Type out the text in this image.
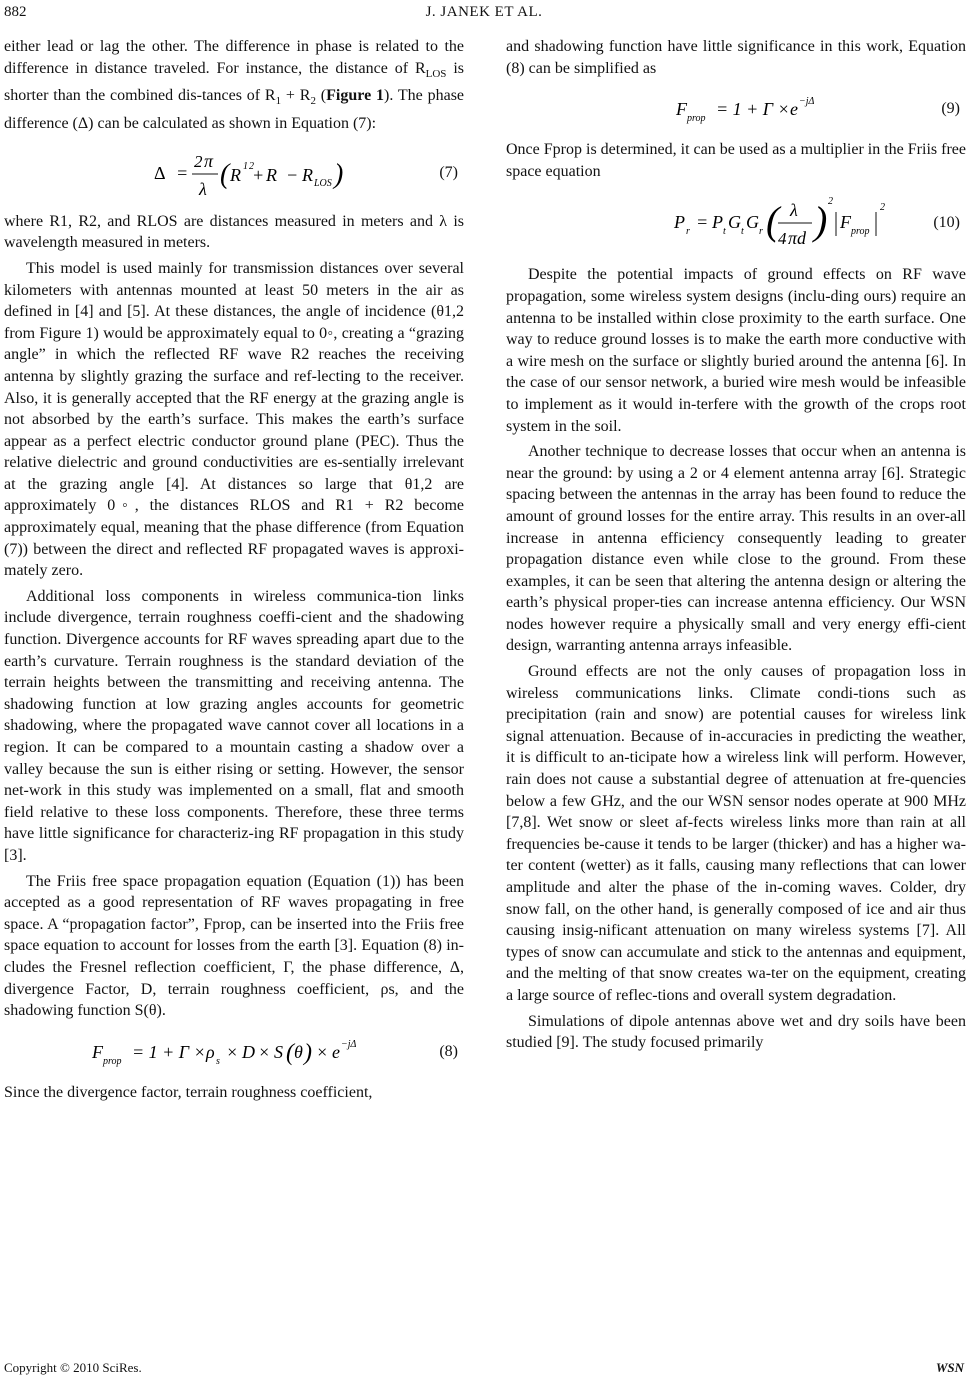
882	J. JANEK ET AL.

either lead or lag the other. The difference in phase is related to the difference in distance traveled. For instance, the distance of $R_{LOS}$ is shorter than the combined dis-tances of $R_1 + R_2$ (Figure 1). The phase difference (Δ) can be calculated as shown in Equation (7):

Δ =
2 π
λ ( R 1 + R
2 − R LOS )	(7)

where R1, R2, and RLOS are distances measured in meters and λ is wavelength measured in meters.

This model is used mainly for transmission distances over several kilometers with antennas mounted at least 50 meters in the air as defined in [4] and [5]. At these distances, the angle of incidence (θ1,2 from Figure 1) would be approximately equal to 0◦, creating a “grazing angle” in which the reflected RF wave R2 reaches the receiving antenna by slightly grazing the surface and ref-lecting to the receiver. Also, it is generally accepted that the RF energy at the grazing angle is not absorbed by the earth’s surface. This makes the earth’s surface appear as a perfect electric conductor ground plane (PEC). Thus the relative dielectric and ground conductivities are es-sentially irrelevant at the grazing angle [4]. At distances so large that θ1,2 are approximately 0◦, the distances RLOS and R1 + R2 become approximately equal, meaning that the phase difference (from Equation (7)) between the direct and reflected RF propagated waves is approxi-mately zero.

Additional loss components in wireless communica-tion links include divergence, terrain roughness coeffi-cient and the shadowing function. Divergence accounts for RF waves spreading apart due to the earth’s curvature. Terrain roughness is the standard deviation of the terrain heights between the transmitting and receiving antenna. The shadowing function at low grazing angles accounts for geometric shadowing, where the propagated wave cannot cover all locations in a region. It can be compared to a mountain casting a shadow over a valley because the sun is either rising or setting. However, the sensor net-work in this study was implemented on a small, flat and smooth field relative to these loss components. Therefore, these three terms have little significance for characteriz-ing RF propagation in this study [3].

The Friis free space propagation equation (Equation (1)) has been accepted as a good representation of RF waves propagating in free space. A “propagation factor”, Fprop, can be inserted into the Friis free space equation to account for losses from the earth [3]. Equation (8) in-cludes the Fresnel reflection coefficient, Γ, the phase difference, Δ, divergence Factor, D, terrain roughness coefficient, ρs, and the shadowing function S(θ).

F prop = 1 + Γ × ρ s × D × S ( θ ) × e −jΔ	(8)

Since the divergence factor, terrain roughness coefficient,

and shadowing function have little significance in this work, Equation (8) can be simplified as

F prop = 1 + Γ × e −jΔ	(9)

Once Fprop is determined, it can be used as a multiplier in the Friis free space equation

P r = P t G t G r ( λ
4 πd ) 2
F prop
2
(10)

Despite the potential impacts of ground effects on RF wave propagation, some wireless system designs (inclu-ding ours) require an antenna to be installed within close proximity to the earth surface. One way to reduce ground losses is to make the earth more conductive with a wire mesh on the surface or slightly buried around the antenna [6]. In the case of our sensor network, a buried wire mesh would be infeasible to implement as it would in-terfere with the growth of the crops root system in the soil.

Another technique to decrease losses that occur when an antenna is near the ground: by using a 2 or 4 element antenna array [6]. Strategic spacing between the antennas in the array has been found to reduce the amount of ground losses for the entire array. This results in an over-all increase in antenna efficiency consequently leading to greater propagation distance even while close to the ground. From these examples, it can be seen that altering the antenna design or altering the earth’s physical proper-ties can increase antenna efficiency. Our WSN nodes however require a physically small and very energy effi-cient design, warranting antenna arrays infeasible.

Ground effects are not the only causes of propagation loss in wireless communications links. Climate condi-tions such as precipitation (rain and snow) are potential causes for wireless link signal attenuation. Because of in-accuracies in predicting the weather, it is difficult to an-ticipate how a wireless link will perform. However, rain does not cause a substantial degree of attenuation at fre-quencies below a few GHz, and the our WSN sensor nodes operate at 900 MHz [7,8]. Wet snow or sleet af-fects wireless links more than rain at all frequencies be-cause it tends to be larger (thicker) and has a higher wa-ter content (wetter) as it falls, causing many reflections that can lower amplitude and alter the phase of the in-coming waves. Colder, dry snow fall, on the other hand, is generally composed of ice and air thus causing insig-nificant attenuation on many wireless systems [7]. All types of snow can accumulate and stick to the antennas and equipment, and the melting of that snow creates wa-ter on the equipment, creating a large source of reflec-tions and overall system degradation.

Simulations of dipole antennas above wet and dry soils have been studied [9]. The study focused primarily

Copyright © 2010 SciRes.	WSN
